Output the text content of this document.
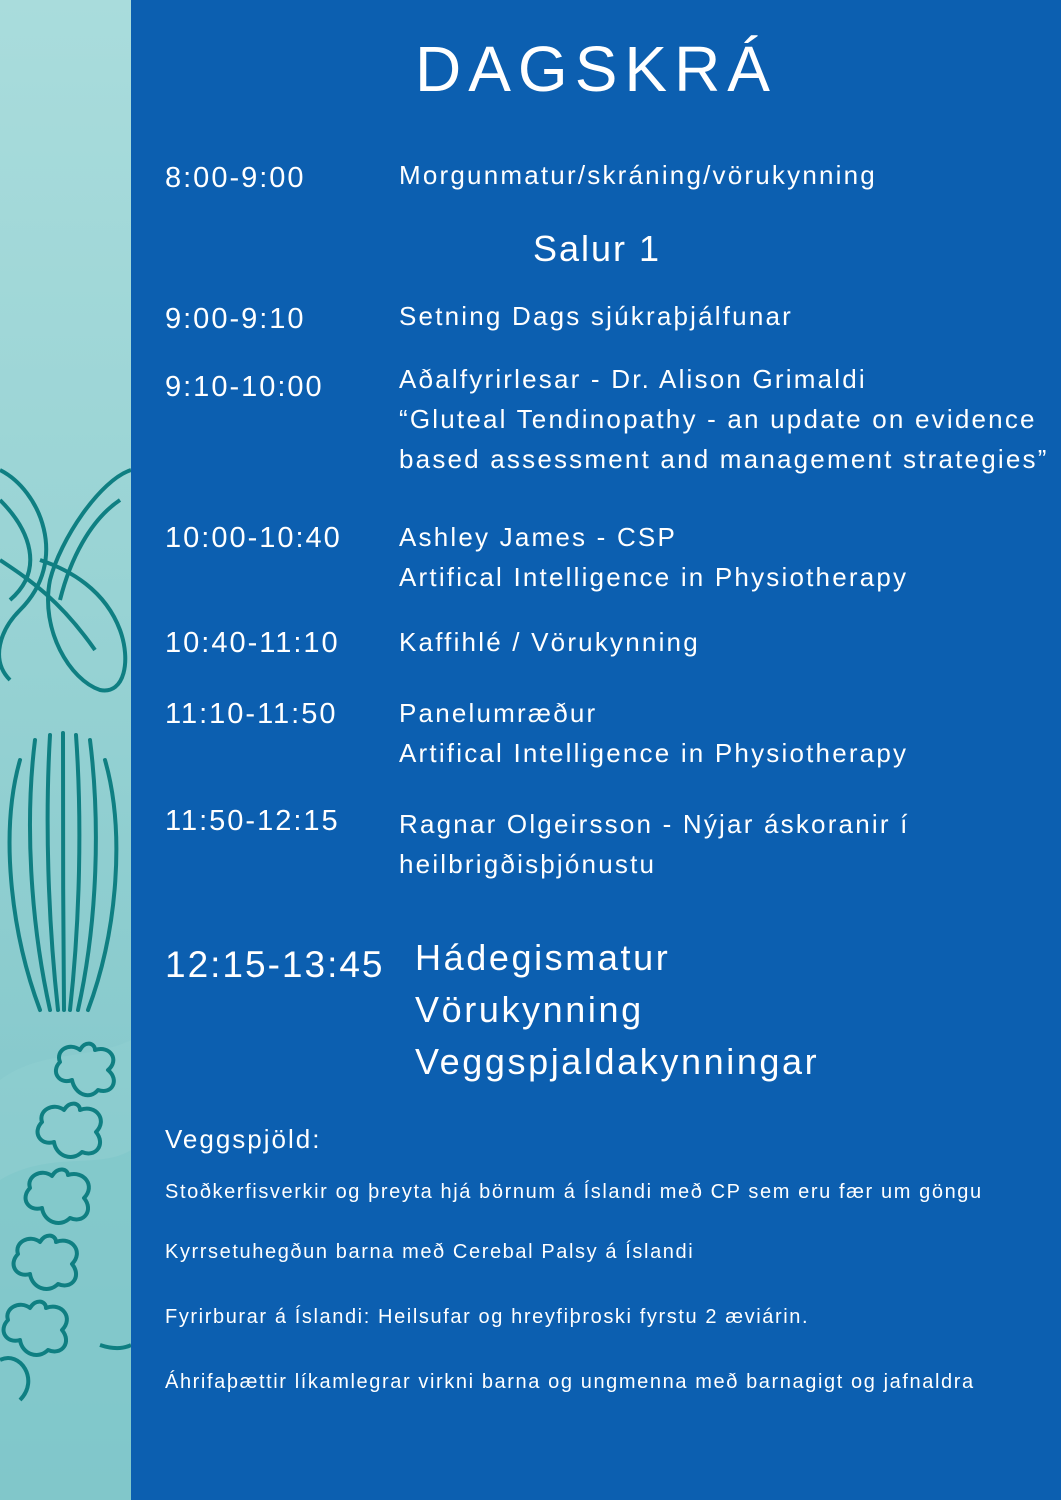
DAGSKRÁ
8:00-9:00	Morgunmatur/skráning/vörukynning
Salur 1
9:00-9:10	Setning Dags sjúkraþjálfunar
9:10-10:00	Aðalfyrirlesar - Dr. Alison Grimaldi
“Gluteal Tendinopathy - an update on evidence
based assessment and management strategies”
10:00-10:40 Ashley James - CSP
Artifical Intelligence in Physiotherapy
10:40-11:10 Kaffihlé / Vörukynning
11:10-11:50 Panelumræður
Artifical Intelligence in Physiotherapy
11:50-12:15 Ragnar Olgeirsson - Nýjar áskoranir í
heilbrigðisþjónustu
12:15-13:45 Hádegismatur
Vörukynning
Veggspjaldakynningar
Veggspjöld:
Stoðkerfisverkir og þreyta hjá börnum á Íslandi með CP sem eru fær um göngu
Kyrrsetuhegðun barna með Cerebal Palsy á Íslandi
Fyrirburar á Íslandi: Heilsufar og hreyfiþroski fyrstu 2 æviárin.
Áhrifaþættir líkamlegrar virkni barna og ungmenna með barnagigt og jafnaldra
